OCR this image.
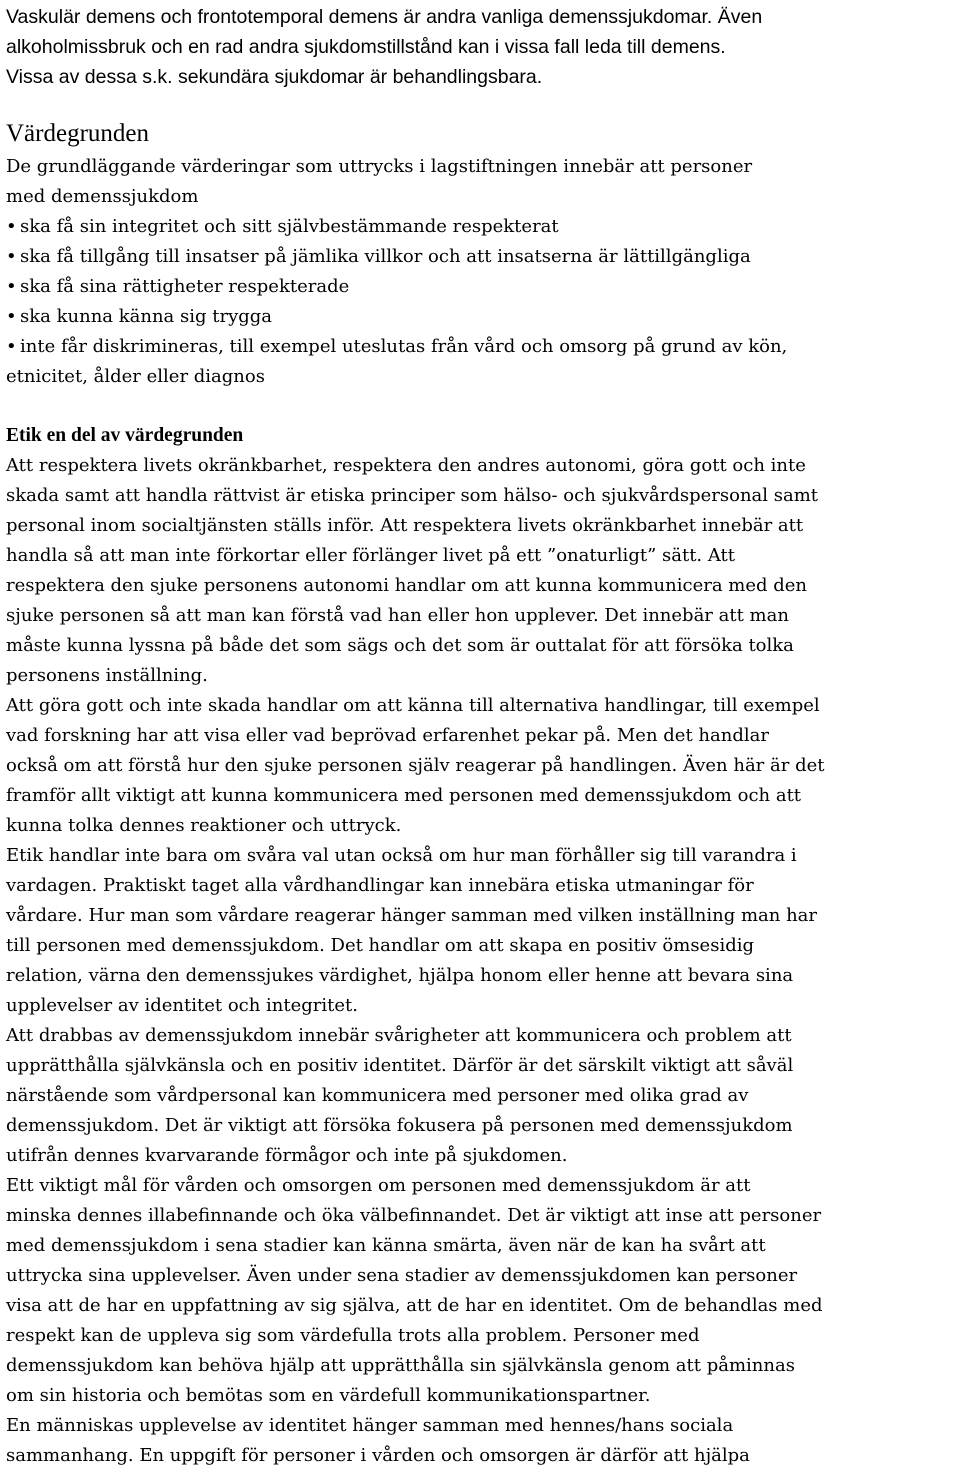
Vaskulär demens och frontotemporal demens är andra vanliga demenssjukdomar. Även
alkoholmissbruk och en rad andra sjukdomstillstånd kan i vissa fall leda till demens.
Vissa av dessa s.k. sekundära sjukdomar är behandlingsbara.

Värdegrunden

De grundläggande värderingar som uttrycks i lagstiftningen innebär att personer
med demenssjukdom

• ska få sin integritet och sitt självbestämmande respekterat
• ska få tillgång till insatser på jämlika villkor och att insatserna är lättillgängliga
• ska få sina rättigheter respekterade
• ska kunna känna sig trygga
• inte får diskrimineras, till exempel uteslutas från vård och omsorg på grund av kön,
etnicitet, ålder eller diagnos
Etik en del av värdegrunden
Att respektera livets okränkbarhet, respektera den andres autonomi, göra gott och inte
skada samt att handla rättvist är etiska principer som hälso- och sjukvårdspersonal samt
personal inom socialtjänsten ställs inför. Att respektera livets okränkbarhet innebär att
handla så att man inte förkortar eller förlänger livet på ett ”onaturligt” sätt. Att
respektera den sjuke personens autonomi handlar om att kunna kommunicera med den
sjuke personen så att man kan förstå vad han eller hon upplever. Det innebär att man
måste kunna lyssna på både det som sägs och det som är outtalat för att försöka tolka
personens inställning.
Att göra gott och inte skada handlar om att känna till alternativa handlingar, till exempel
vad forskning har att visa eller vad beprövad erfarenhet pekar på. Men det handlar
också om att förstå hur den sjuke personen själv reagerar på handlingen. Även här är det
framför allt viktigt att kunna kommunicera med personen med demenssjukdom och att
kunna tolka dennes reaktioner och uttryck.
Etik handlar inte bara om svåra val utan också om hur man förhåller sig till varandra i
vardagen. Praktiskt taget alla vårdhandlingar kan innebära etiska utmaningar för
vårdare. Hur man som vårdare reagerar hänger samman med vilken inställning man har
till personen med demenssjukdom. Det handlar om att skapa en positiv ömsesidig
relation, värna den demenssjukes värdighet, hjälpa honom eller henne att bevara sina
upplevelser av identitet och integritet.
Att drabbas av demenssjukdom innebär svårigheter att kommunicera och problem att
upprätthålla självkänsla och en positiv identitet. Därför är det särskilt viktigt att såväl
närstående som vårdpersonal kan kommunicera med personer med olika grad av
demenssjukdom. Det är viktigt att försöka fokusera på personen med demenssjukdom
utifrån dennes kvarvarande förmågor och inte på sjukdomen.
Ett viktigt mål för vården och omsorgen om personen med demenssjukdom är att
minska dennes illabefinnande och öka välbefinnandet. Det är viktigt att inse att personer
med demenssjukdom i sena stadier kan känna smärta, även när de kan ha svårt att
uttrycka sina upplevelser. Även under sena stadier av demenssjukdomen kan personer
visa att de har en uppfattning av sig själva, att de har en identitet. Om de behandlas med
respekt kan de uppleva sig som värdefulla trots alla problem. Personer med
demenssjukdom kan behöva hjälp att upprätthålla sin självkänsla genom att påminnas
om sin historia och bemötas som en värdefull kommunikationspartner.
En människas upplevelse av identitet hänger samman med hennes/hans sociala
sammanhang. En uppgift för personer i vården och omsorgen är därför att hjälpa
